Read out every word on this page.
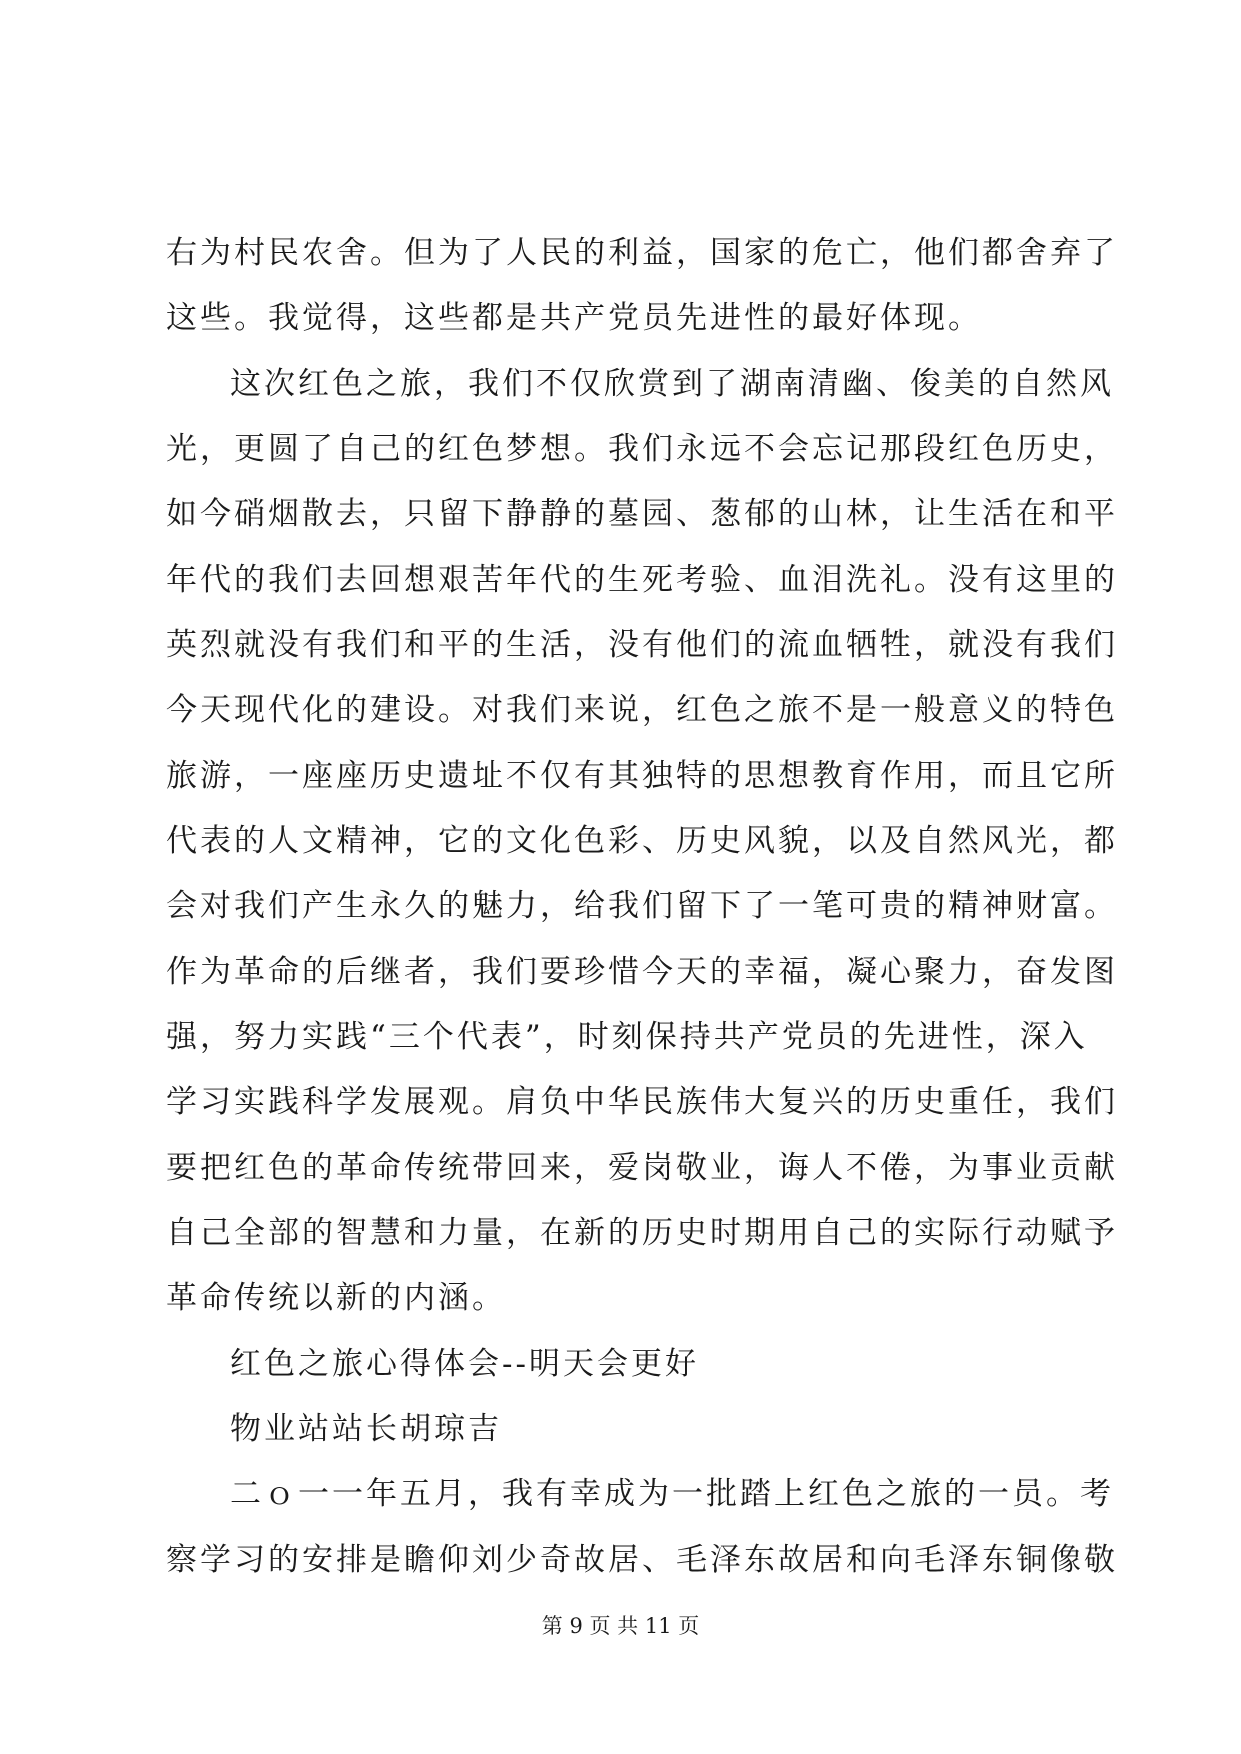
右为村民农舍。但为了人民的利益，国家的危亡，他们都舍弃了
这些。我觉得，这些都是共产党员先进性的最好体现。
这次红色之旅，我们不仅欣赏到了湖南清幽、俊美的自然风
光，更圆了自己的红色梦想。我们永远不会忘记那段红色历史，
如今硝烟散去，只留下静静的墓园、葱郁的山林，让生活在和平
年代的我们去回想艰苦年代的生死考验、血泪洗礼。没有这里的
英烈就没有我们和平的生活，没有他们的流血牺牲，就没有我们
今天现代化的建设。对我们来说，红色之旅不是一般意义的特色
旅游，一座座历史遗址不仅有其独特的思想教育作用，而且它所
代表的人文精神，它的文化色彩、历史风貌，以及自然风光，都
会对我们产生永久的魅力，给我们留下了一笔可贵的精神财富。
作为革命的后继者，我们要珍惜今天的幸福，凝心聚力，奋发图
强，努力实践“三个代表”，时刻保持共产党员的先进性，深入
学习实践科学发展观。肩负中华民族伟大复兴的历史重任，我们
要把红色的革命传统带回来，爱岗敬业，诲人不倦，为事业贡献
自己全部的智慧和力量，在新的历史时期用自己的实际行动赋予
革命传统以新的内涵。
红色之旅心得体会--明天会更好
物业站站长胡琼吉
二ｏ一一年五月，我有幸成为一批踏上红色之旅的一员。考
察学习的安排是瞻仰刘少奇故居、毛泽东故居和向毛泽东铜像敬
第 9 页 共 11 页
